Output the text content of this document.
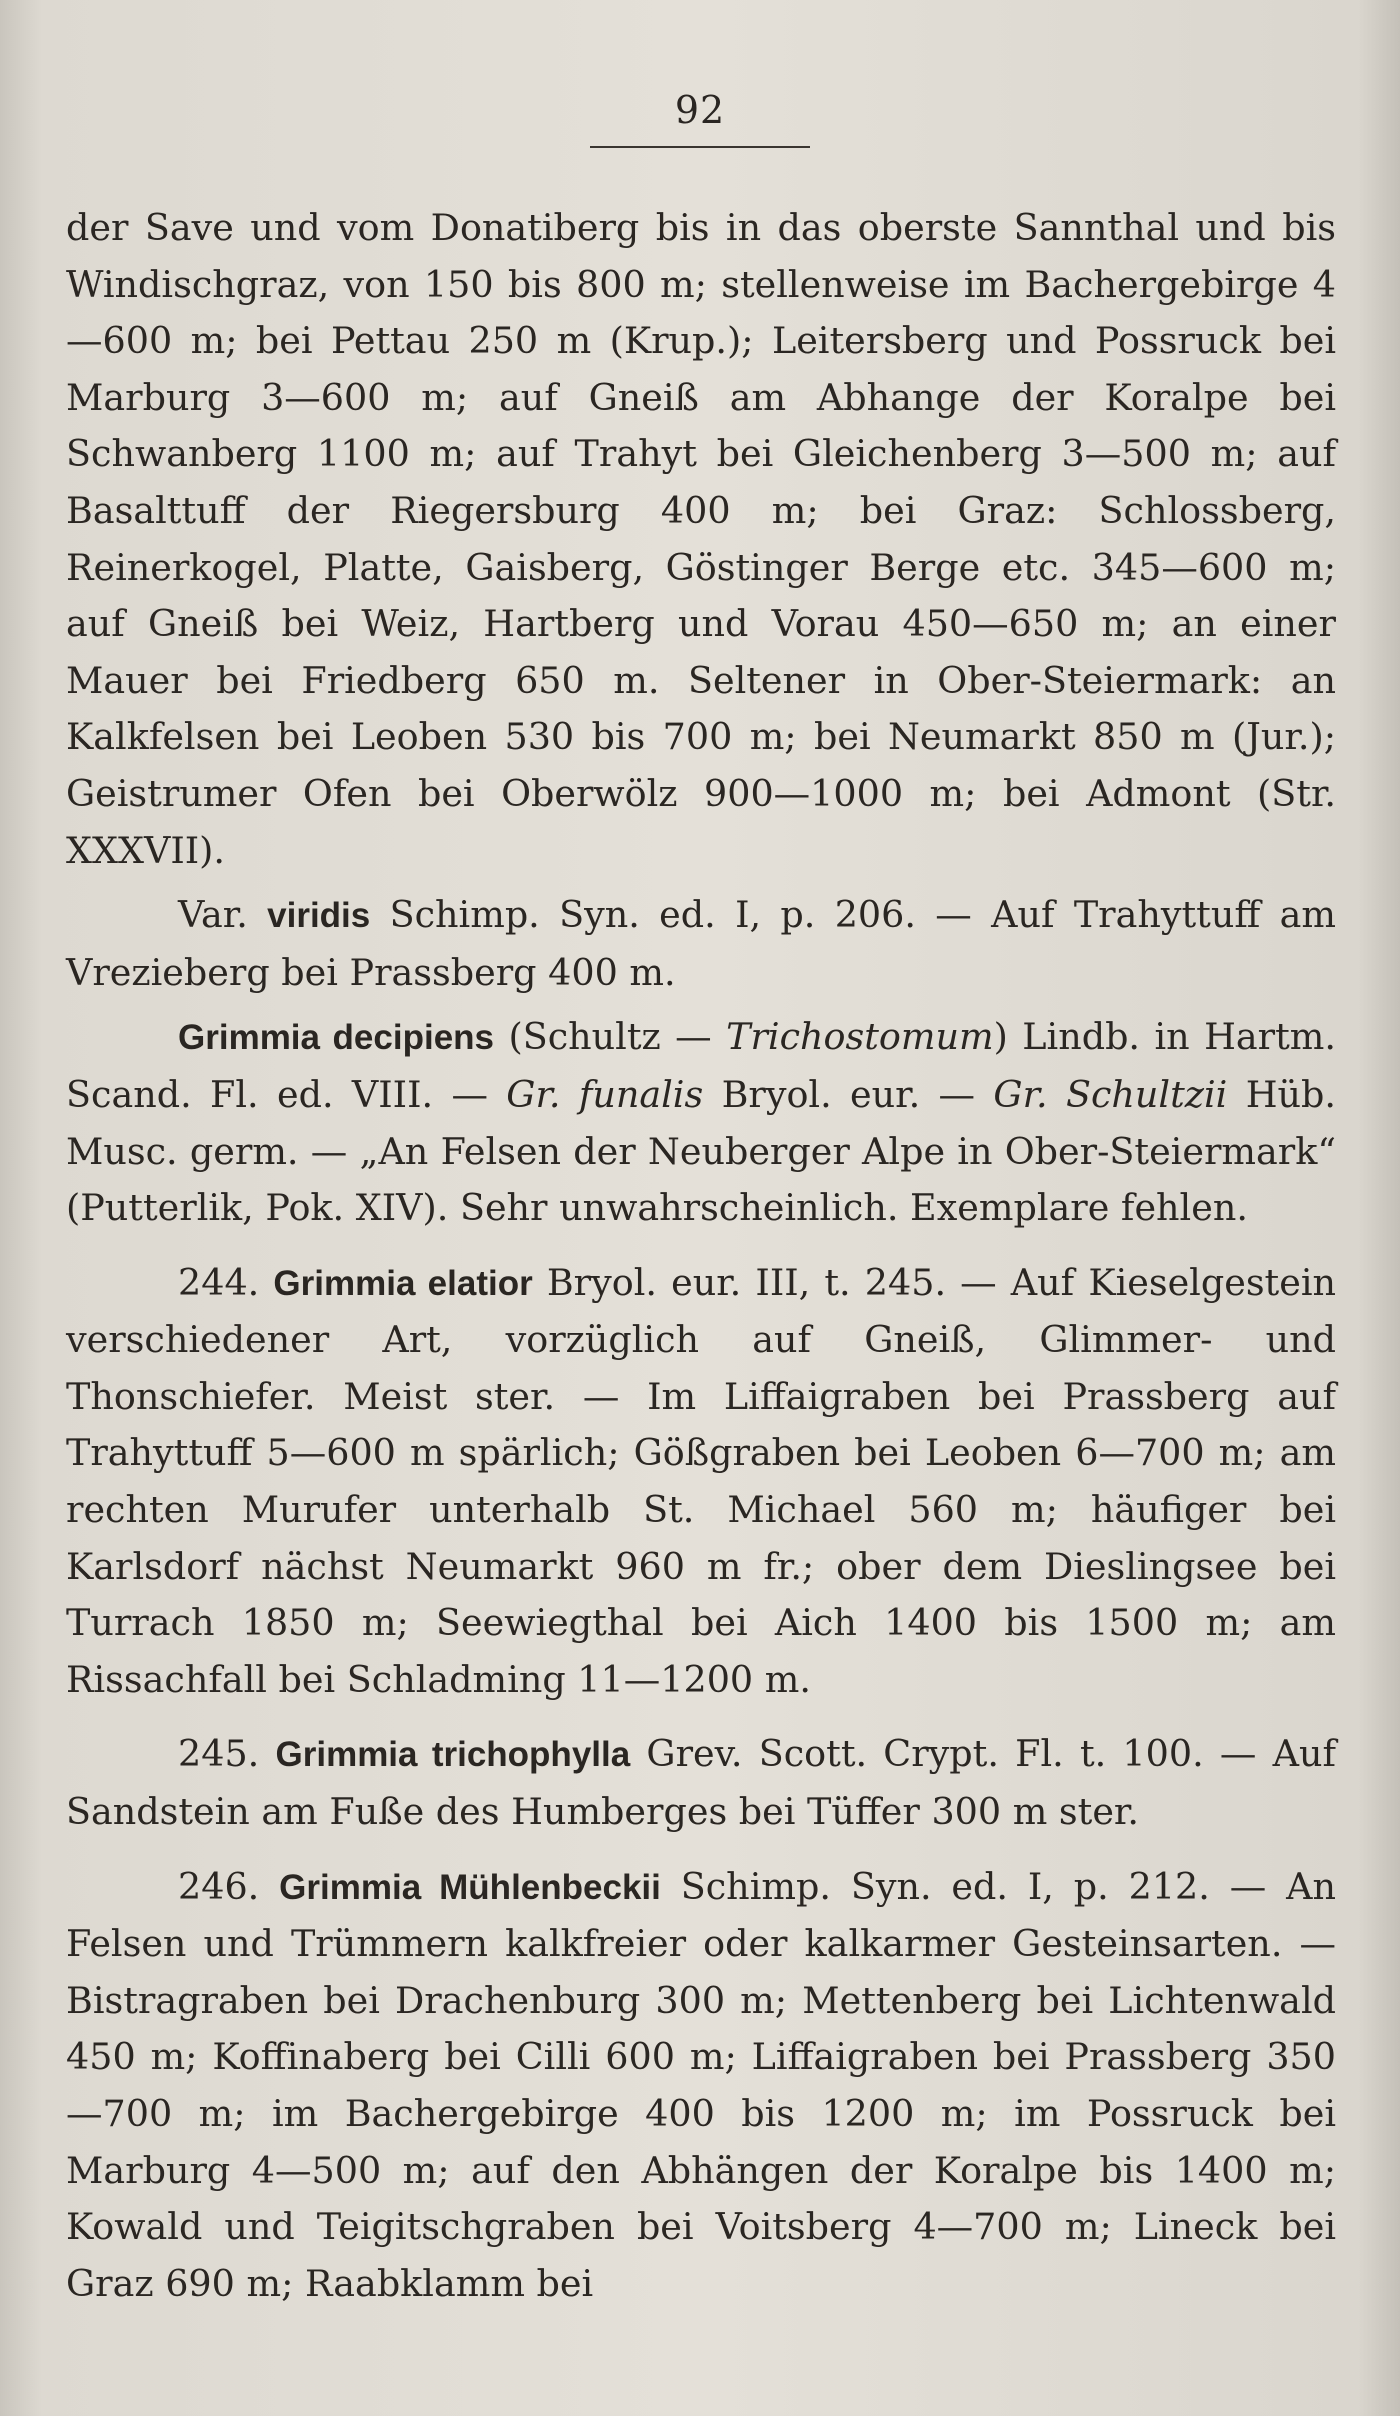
92

der Save und vom Donatiberg bis in das oberste Sannthal und bis Windischgraz, von 150 bis 800 m; stellenweise im Bachergebirge 4—600 m; bei Pettau 250 m (Krup.); Leitersberg und Possruck bei Marburg 3—600 m; auf Gneiß am Abhange der Koralpe bei Schwanberg 1100 m; auf Trahyt bei Gleichenberg 3—500 m; auf Basalttuff der Riegersburg 400 m; bei Graz: Schlossberg, Reinerkogel, Platte, Gaisberg, Göstinger Berge etc. 345—600 m; auf Gneiß bei Weiz, Hartberg und Vorau 450—650 m; an einer Mauer bei Friedberg 650 m. Seltener in Ober-Steiermark: an Kalkfelsen bei Leoben 530 bis 700 m; bei Neumarkt 850 m (Jur.); Geistrumer Ofen bei Oberwölz 900—1000 m; bei Admont (Str. XXXVII).

Var. viridis Schimp. Syn. ed. I, p. 206. — Auf Trahyttuff am Vrezieberg bei Prassberg 400 m.

Grimmia decipiens (Schultz — Trichostomum) Lindb. in Hartm. Scand. Fl. ed. VIII. — Gr. funalis Bryol. eur. — Gr. Schultzii Hüb. Musc. germ. — „An Felsen der Neuberger Alpe in Ober-Steiermark“ (Putterlik, Pok. XIV). Sehr unwahrscheinlich. Exemplare fehlen.

244. Grimmia elatior Bryol. eur. III, t. 245. — Auf Kieselgestein verschiedener Art, vorzüglich auf Gneiß, Glimmer- und Thonschiefer. Meist ster. — Im Liffaigraben bei Prassberg auf Trahyttuff 5—600 m spärlich; Gößgraben bei Leoben 6—700 m; am rechten Murufer unterhalb St. Michael 560 m; häufiger bei Karlsdorf nächst Neumarkt 960 m fr.; ober dem Dieslingsee bei Turrach 1850 m; Seewiegthal bei Aich 1400 bis 1500 m; am Rissachfall bei Schladming 11—1200 m.

245. Grimmia trichophylla Grev. Scott. Crypt. Fl. t. 100. — Auf Sandstein am Fuße des Humberges bei Tüffer 300 m ster.

246. Grimmia Mühlenbeckii Schimp. Syn. ed. I, p. 212. — An Felsen und Trümmern kalkfreier oder kalkarmer Gesteinsarten. — Bistragraben bei Drachenburg 300 m; Mettenberg bei Lichtenwald 450 m; Koffinaberg bei Cilli 600 m; Liffaigraben bei Prassberg 350—700 m; im Bachergebirge 400 bis 1200 m; im Possruck bei Marburg 4—500 m; auf den Abhängen der Koralpe bis 1400 m; Kowald und Teigitschgraben bei Voitsberg 4—700 m; Lineck bei Graz 690 m; Raabklamm bei
